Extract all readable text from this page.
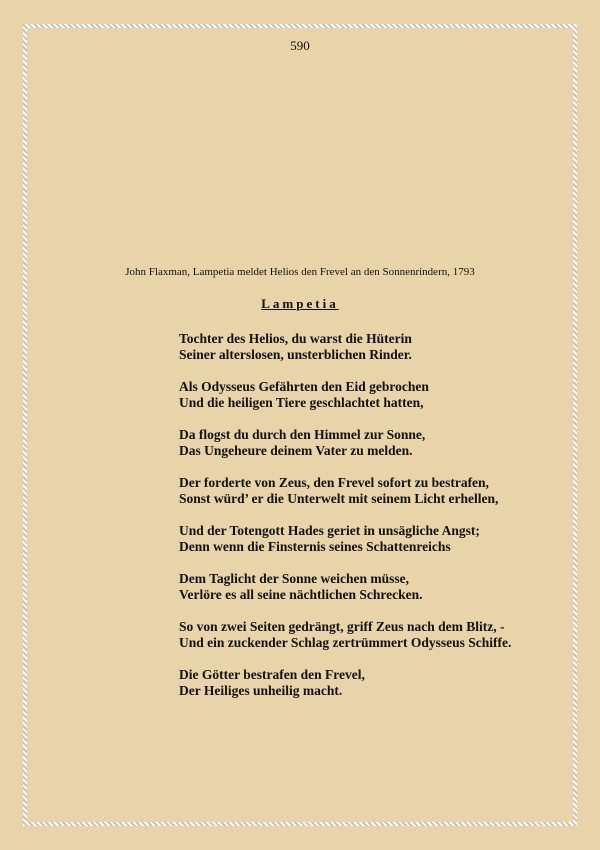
590
John Flaxman, Lampetia meldet Helios den Frevel an den Sonnenrindern, 1793
Lampetia
Tochter des Helios, du warst die Hüterin
Seiner alterslosen, unsterblichen Rinder.
Als Odysseus Gefährten den Eid gebrochen
Und die heiligen Tiere geschlachtet hatten,
Da flogst du durch den Himmel zur Sonne,
Das Ungeheure deinem Vater zu melden.
Der forderte von Zeus, den Frevel sofort zu bestrafen,
Sonst würd’ er die Unterwelt mit seinem Licht erhellen,
Und der Totengott Hades geriet in unsägliche Angst;
Denn wenn die Finsternis seines Schattenreichs
Dem Taglicht der Sonne weichen müsse,
Verlöre es all seine nächtlichen Schrecken.
So von zwei Seiten gedrängt, griff Zeus nach dem Blitz, -
Und ein zuckender Schlag zertrümmert Odysseus Schiffe.
Die Götter bestrafen den Frevel,
Der Heiliges unheilig macht.
